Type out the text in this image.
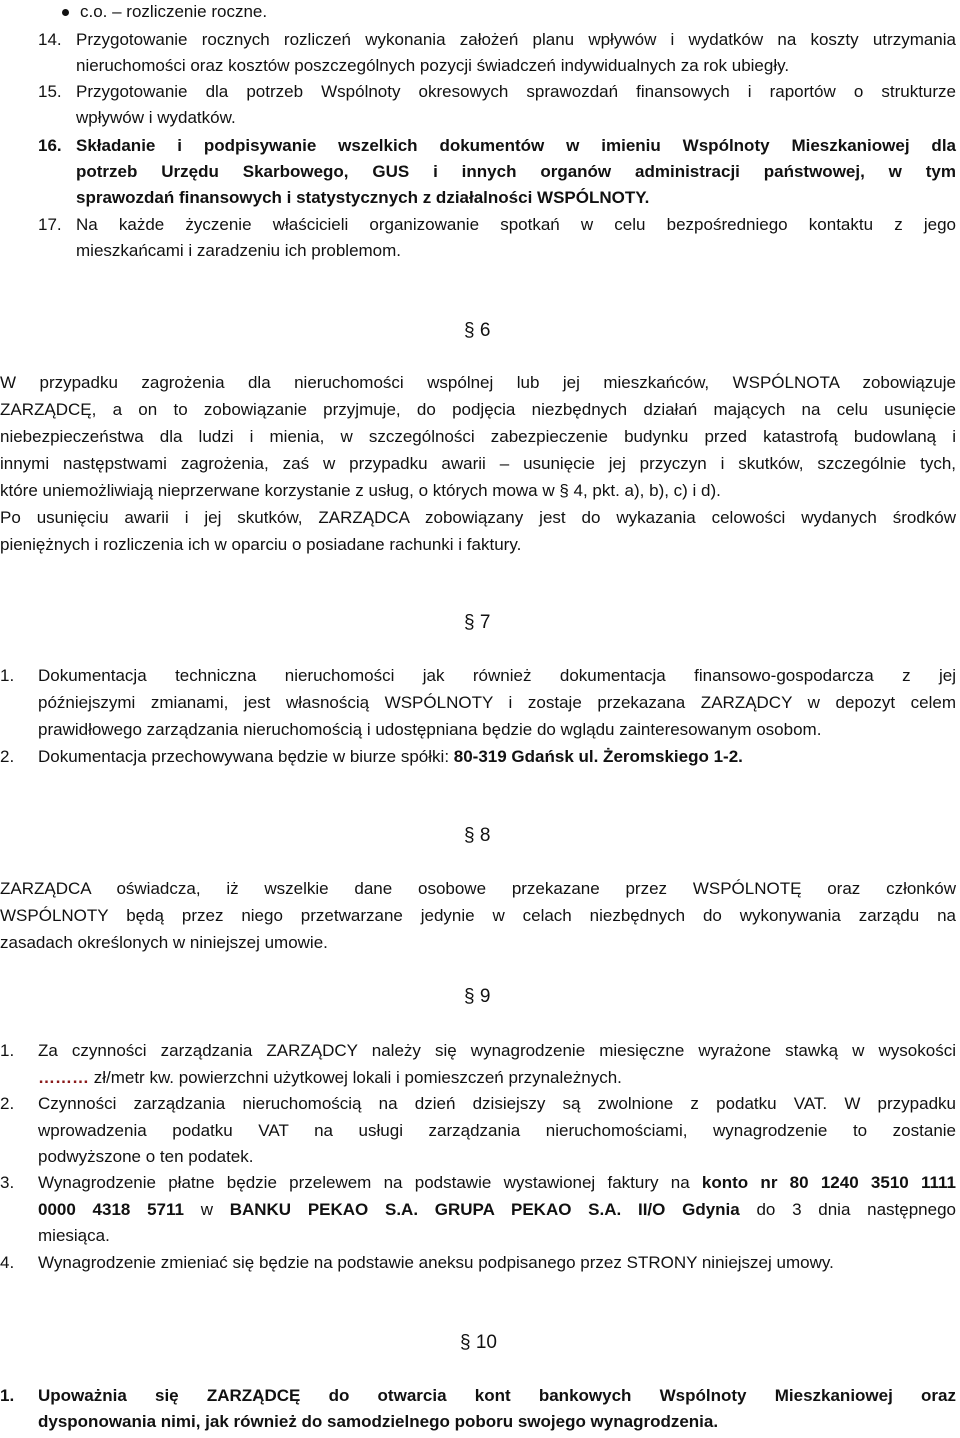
c.o. – rozliczenie roczne.
14. Przygotowanie rocznych rozliczeń wykonania założeń planu wpływów i wydatków na koszty utrzymania
nieruchomości oraz kosztów poszczególnych pozycji świadczeń indywidualnych za rok ubiegły.
15. Przygotowanie dla potrzeb Wspólnoty okresowych sprawozdań finansowych i raportów o strukturze
wpływów i wydatków.
16. Składanie i podpisywanie wszelkich dokumentów w imieniu Wspólnoty Mieszkaniowej dla
potrzeb Urzędu Skarbowego, GUS i innych organów administracji państwowej, w tym
sprawozdań finansowych i statystycznych z działalności WSPÓLNOTY.
17. Na każde życzenie właścicieli organizowanie spotkań w celu bezpośredniego kontaktu z jego
mieszkańcami i zaradzeniu ich problemom.
§ 6
W przypadku zagrożenia dla nieruchomości wspólnej lub jej mieszkańców, WSPÓLNOTA zobowiązuje
ZARZĄDCĘ, a on to zobowiązanie przyjmuje, do podjęcia niezbędnych działań mających na celu usunięcie
niebezpieczeństwa dla ludzi i mienia, w szczególności zabezpieczenie budynku przed katastrofą budowlaną i
innymi następstwami zagrożenia, zaś w przypadku awarii – usunięcie jej przyczyn i skutków, szczególnie tych,
które uniemożliwiają nieprzerwane korzystanie z usług, o których mowa w § 4, pkt. a), b), c) i d).
Po usunięciu awarii i jej skutków, ZARZĄDCA zobowiązany jest do wykazania celowości wydanych środków
pieniężnych i rozliczenia ich w oparciu o posiadane rachunki i faktury.
§ 7
1. Dokumentacja techniczna nieruchomości jak również dokumentacja finansowo-gospodarcza z jej
późniejszymi zmianami, jest własnością WSPÓLNOTY i zostaje przekazana ZARZĄDCY w depozyt celem
prawidłowego zarządzania nieruchomością i udostępniana będzie do wglądu zainteresowanym osobom.
2. Dokumentacja przechowywana będzie w biurze spółki: 80-319 Gdańsk ul. Żeromskiego 1-2.
§ 8
ZARZĄDCA oświadcza, iż wszelkie dane osobowe przekazane przez WSPÓLNOTĘ oraz członków
WSPÓLNOTY będą przez niego przetwarzane jedynie w celach niezbędnych do wykonywania zarządu na
zasadach określonych w niniejszej umowie.
§ 9
1. Za czynności zarządzania ZARZĄDCY należy się wynagrodzenie miesięczne wyrażone stawką w wysokości
……… zł/metr kw. powierzchni użytkowej lokali i pomieszczeń przynależnych.
2. Czynności zarządzania nieruchomością na dzień dzisiejszy są zwolnione z podatku VAT. W przypadku
wprowadzenia podatku VAT na usługi zarządzania nieruchomościami, wynagrodzenie to zostanie
podwyższone o ten podatek.
3. Wynagrodzenie płatne będzie przelewem na podstawie wystawionej faktury na konto nr 80 1240 3510 1111
0000 4318 5711 w BANKU PEKAO S.A. GRUPA PEKAO S.A. II/O Gdynia do 3 dnia następnego
miesiąca.
4. Wynagrodzenie zmieniać się będzie na podstawie aneksu podpisanego przez STRONY niniejszej umowy.
§ 10
1. Upoważnia się ZARZĄDCĘ do otwarcia kont bankowych Wspólnoty Mieszkaniowej oraz
dysponowania nimi, jak również do samodzielnego poboru swojego wynagrodzenia.
